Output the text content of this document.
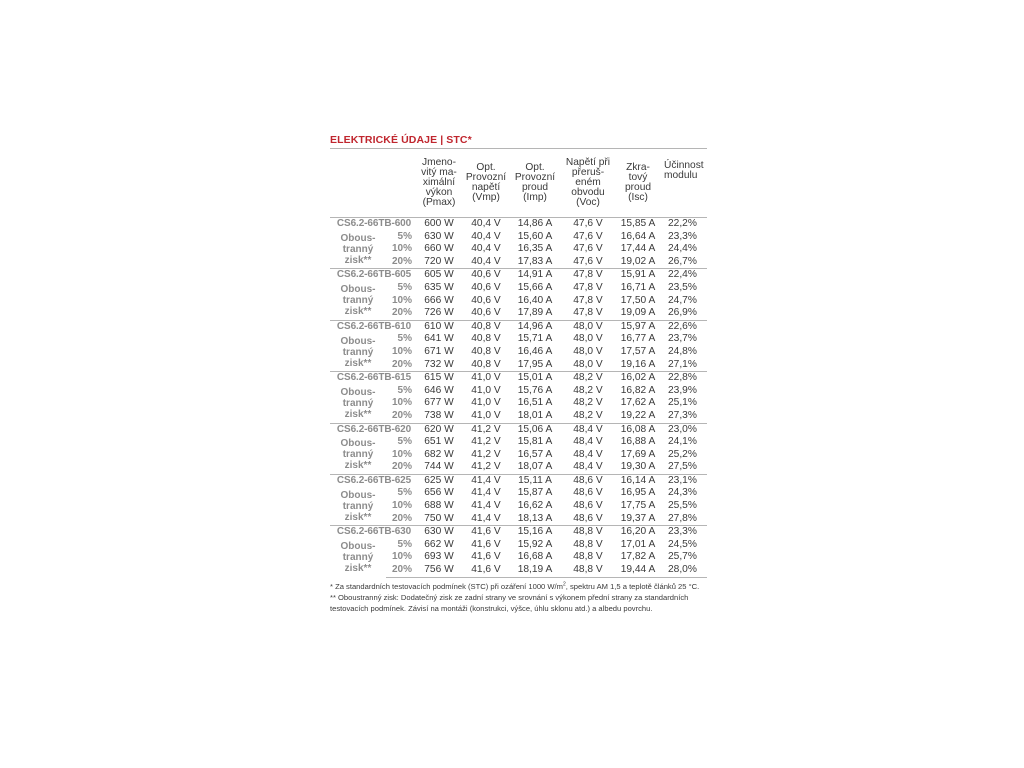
ELEKTRICKÉ ÚDAJE | STC*
		Jmeno-
vitý ma-
ximální
výkon
(Pmax)	Opt.
Provozní
napětí
(Vmp)	Opt.
Provozní
proud
(Imp)	Napětí při
přeruš-
eném
obvodu
(Voc)	Zkra-
tový
proud
(Isc)	Účinnost
modulu
CS6.2-66TB-600		600 W	40,4 V	14,86 A	47,6 V	15,85 A	22,2%
Obous-
tranný
zisk**	5%	630 W	40,4 V	15,60 A	47,6 V	16,64 A	23,3%
	10%	660 W	40,4 V	16,35 A	47,6 V	17,44 A	24,4%
	20%	720 W	40,4 V	17,83 A	47,6 V	19,02 A	26,7%
CS6.2-66TB-605		605 W	40,6 V	14,91 A	47,8 V	15,91 A	22,4%
Obous-
tranný
zisk**	5%	635 W	40,6 V	15,66 A	47,8 V	16,71 A	23,5%
	10%	666 W	40,6 V	16,40 A	47,8 V	17,50 A	24,7%
	20%	726 W	40,6 V	17,89 A	47,8 V	19,09 A	26,9%
CS6.2-66TB-610		610 W	40,8 V	14,96 A	48,0 V	15,97 A	22,6%
Obous-
tranný
zisk**	5%	641 W	40,8 V	15,71 A	48,0 V	16,77 A	23,7%
	10%	671 W	40,8 V	16,46 A	48,0 V	17,57 A	24,8%
	20%	732 W	40,8 V	17,95 A	48,0 V	19,16 A	27,1%
CS6.2-66TB-615		615 W	41,0 V	15,01 A	48,2 V	16,02 A	22,8%
Obous-
tranný
zisk**	5%	646 W	41,0 V	15,76 A	48,2 V	16,82 A	23,9%
	10%	677 W	41,0 V	16,51 A	48,2 V	17,62 A	25,1%
	20%	738 W	41,0 V	18,01 A	48,2 V	19,22 A	27,3%
CS6.2-66TB-620		620 W	41,2 V	15,06 A	48,4 V	16,08 A	23,0%
Obous-
tranný
zisk**	5%	651 W	41,2 V	15,81 A	48,4 V	16,88 A	24,1%
	10%	682 W	41,2 V	16,57 A	48,4 V	17,69 A	25,2%
	20%	744 W	41,2 V	18,07 A	48,4 V	19,30 A	27,5%
CS6.2-66TB-625		625 W	41,4 V	15,11 A	48,6 V	16,14 A	23,1%
Obous-
tranný
zisk**	5%	656 W	41,4 V	15,87 A	48,6 V	16,95 A	24,3%
	10%	688 W	41,4 V	16,62 A	48,6 V	17,75 A	25,5%
	20%	750 W	41,4 V	18,13 A	48,6 V	19,37 A	27,8%
CS6.2-66TB-630		630 W	41,6 V	15,16 A	48,8 V	16,20 A	23,3%
Obous-
tranný
zisk**	5%	662 W	41,6 V	15,92 A	48,8 V	17,01 A	24,5%
	10%	693 W	41,6 V	16,68 A	48,8 V	17,82 A	25,7%
	20%	756 W	41,6 V	18,19 A	48,8 V	19,44 A	28,0%

* Za standardních testovacích podmínek (STC) při ozáření 1000 $W/m^2$, spektru AM 1,5 a teplotě článků 25 °C.

** Oboustranný zisk: Dodatečný zisk ze zadní strany ve srovnání s výkonem přední strany za standardních testovacích podmínek. Závisí na montáži (konstrukci, výšce, úhlu sklonu atd.) a albedu povrchu.
